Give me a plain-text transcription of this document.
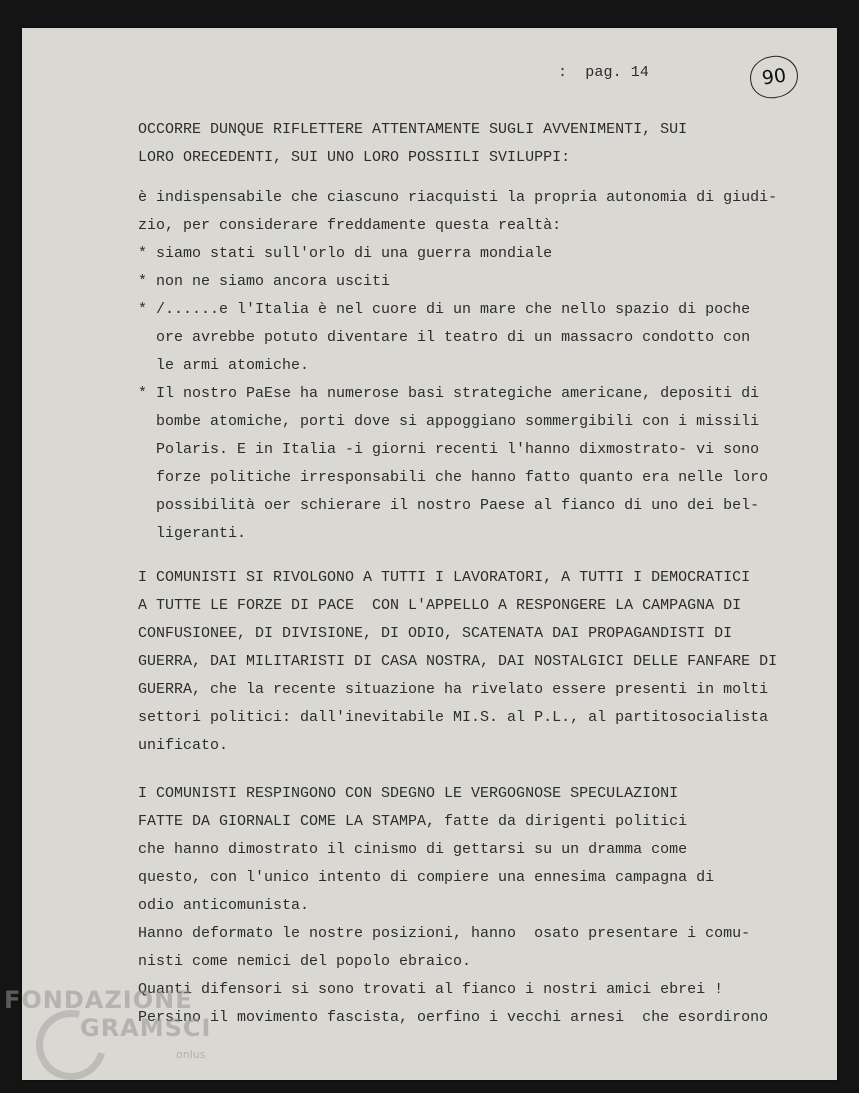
:  pag. 14	90
OCCORRE DUNQUE RIFLETTERE ATTENTAMENTE SUGLI AVVENIMENTI, SUI
LORO ORECEDENTI, SUI UNO LORO POSSIILI SVILUPPI:
è indispensabile che ciascuno riacquisti la propria autonomia di giudi-
zio, per considerare freddamente questa realtà:
* siamo stati sull'orlo di una guerra mondiale
* non ne siamo ancora usciti
* /......e l'Italia è nel cuore di un mare che nello spazio di poche
ore avrebbe potuto diventare il teatro di un massacro condotto con
le armi atomiche.
* Il nostro PaEse ha numerose basi strategiche americane, depositi di
bombe atomiche, porti dove si appoggiano sommergibili con i missili
Polaris. E in Italia -i giorni recenti l'hanno dixmostrato- vi sono
forze politiche irresponsabili che hanno fatto quanto era nelle loro
possibilità oer schierare il nostro Paese al fianco di uno dei bel-
ligeranti.
I COMUNISTI SI RIVOLGONO A TUTTI I LAVORATORI, A TUTTI I DEMOCRATICI
A TUTTE LE FORZE DI PACE  CON L'APPELLO A RESPONGERE LA CAMPAGNA DI
CONFUSIONEE, DI DIVISIONE, DI ODIO, SCATENATA DAI PROPAGANDISTI DI
GUERRA, DAI MILITARISTI DI CASA NOSTRA, DAI NOSTALGICI DELLE FANFARE DI
GUERRA, che la recente situazione ha rivelato essere presenti in molti
settori politici: dall'inevitabile MI.S. al P.L., al partitosocialista
unificato.
I COMUNISTI RESPINGONO CON SDEGNO LE VERGOGNOSE SPECULAZIONI
FATTE DA GIORNALI COME LA STAMPA, fatte da dirigenti politici
che hanno dimostrato il cinismo di gettarsi su un dramma come
questo, con l'unico intento di compiere una ennesima campagna di
odio anticomunista.
Hanno deformato le nostre posizioni, hanno  osato presentare i comu-
nisti come nemici del popolo ebraico.
Quanti difensori si sono trovati al fianco i nostri amici ebrei !
Persino il movimento fascista, oerfino i vecchi arnesi  che esordirono
FONDAZIONE
GRAMSCI
onlus
